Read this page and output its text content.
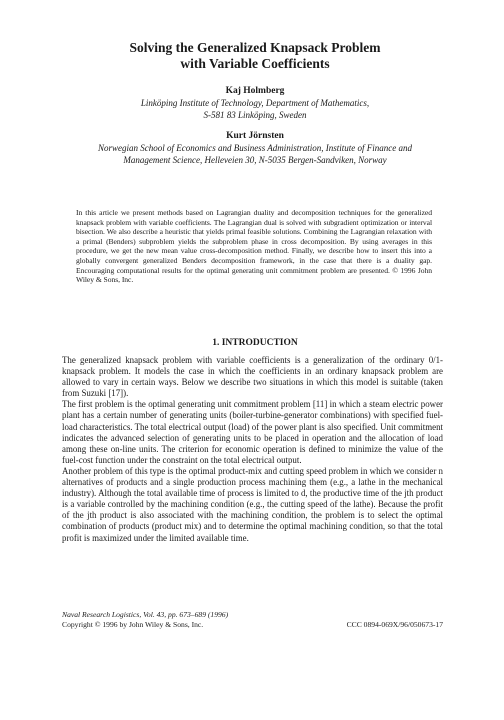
Solving the Generalized Knapsack Problem
with Variable Coefficients
Kaj Holmberg
Linköping Institute of Technology, Department of Mathematics,
S-581 83 Linköping, Sweden
Kurt Jörnsten
Norwegian School of Economics and Business Administration, Institute of Finance and
Management Science, Helleveien 30, N-5035 Bergen-Sandviken, Norway
In this article we present methods based on Lagrangian duality and decomposition techniques for the generalized knapsack problem with variable coefficients. The Lagrangian dual is solved with subgradient optimization or interval bisection. We also describe a heuristic that yields primal feasible solutions. Combining the Lagrangian relaxation with a primal (Benders) subproblem yields the subproblem phase in cross decomposition. By using averages in this procedure, we get the new mean value cross-decomposition method. Finally, we describe how to insert this into a globally convergent generalized Benders decomposition framework, in the case that there is a duality gap. Encouraging computational results for the optimal generating unit commitment problem are presented. © 1996 John Wiley & Sons, Inc.
1. INTRODUCTION

The generalized knapsack problem with variable coefficients is a generalization of the ordinary 0/1-knapsack problem. It models the case in which the coefficients in an ordinary knapsack problem are allowed to vary in certain ways. Below we describe two situations in which this model is suitable (taken from Suzuki [17]).

The first problem is the optimal generating unit commitment problem [11] in which a steam electric power plant has a certain number of generating units (boiler-turbine-generator combinations) with specified fuel-load characteristics. The total electrical output (load) of the power plant is also specified. Unit commitment indicates the advanced selection of generating units to be placed in operation and the allocation of load among these on-line units. The criterion for economic operation is defined to minimize the value of the fuel-cost function under the constraint on the total electrical output.

Another problem of this type is the optimal product-mix and cutting speed problem in which we consider n alternatives of products and a single production process machining them (e.g., a lathe in the mechanical industry). Although the total available time of process is limited to d, the productive time of the jth product is a variable controlled by the machining condition (e.g., the cutting speed of the lathe). Because the profit of the jth product is also associated with the machining condition, the problem is to select the optimal combination of products (product mix) and to determine the optimal machining condition, so that the total profit is maximized under the limited available time.

Naval Research Logistics, Vol. 43, pp. 673–689 (1996)
Copyright © 1996 by John Wiley & Sons, Inc.	CCC 0894-069X/96/050673-17
